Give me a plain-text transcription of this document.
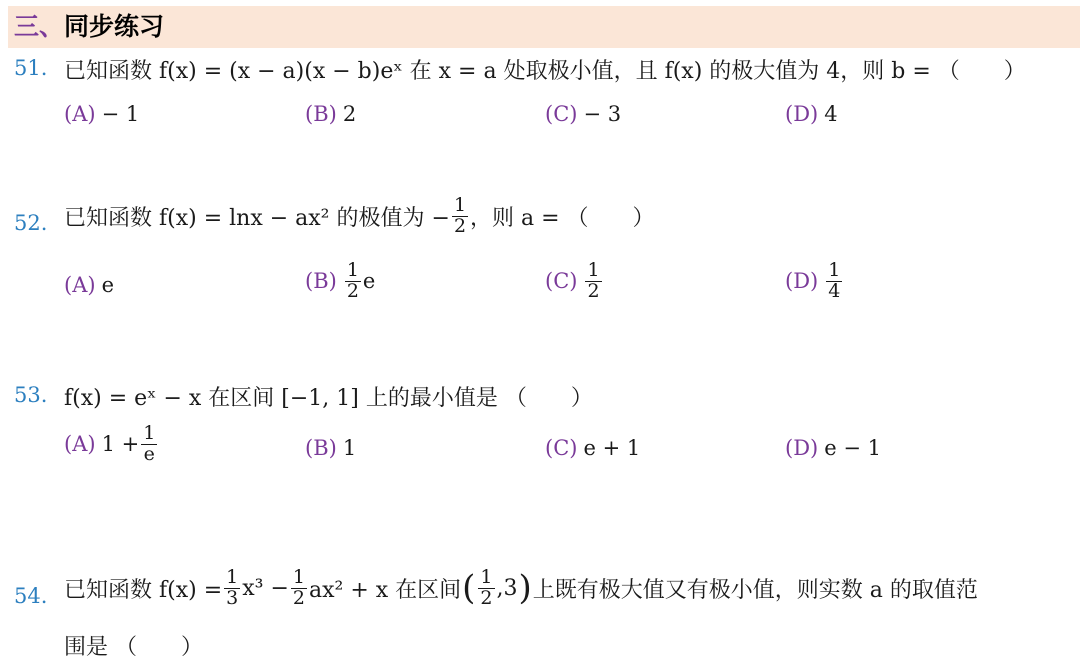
三、同步练习
51. 已知函数 f(x) = (x − a)(x − b)eˣ 在 x = a 处取极小值，且 f(x) 的极大值为 4，则 b = （　　）
(A) − 1	(B) 2	(C) − 3	(D) 4
52. 已知函数 f(x) = lnx − ax² 的极值为 − $\frac{1}{2}$ ，则 a = （　　）
(A) e	$(B) \frac{1}{2}$ e	$(C) \frac{1}{2}$	$(D) \frac{1}{4}$
53. f(x) = eˣ − x 在区间 [−1, 1] 上的最小值是 （　　）
(A) $1 + \frac{1}{e}$	(B) 1	(C) e + 1	(D) e − 1
54. 已知函数 $f(x) = \frac{1}{3} x^3 - \frac{1}{2} ax^2 + x$ 在区间 ( $\frac{1}{2} ,3$ ) 上既有极大值又有极小值，则实数 a 的取值范
围是 （　　）
